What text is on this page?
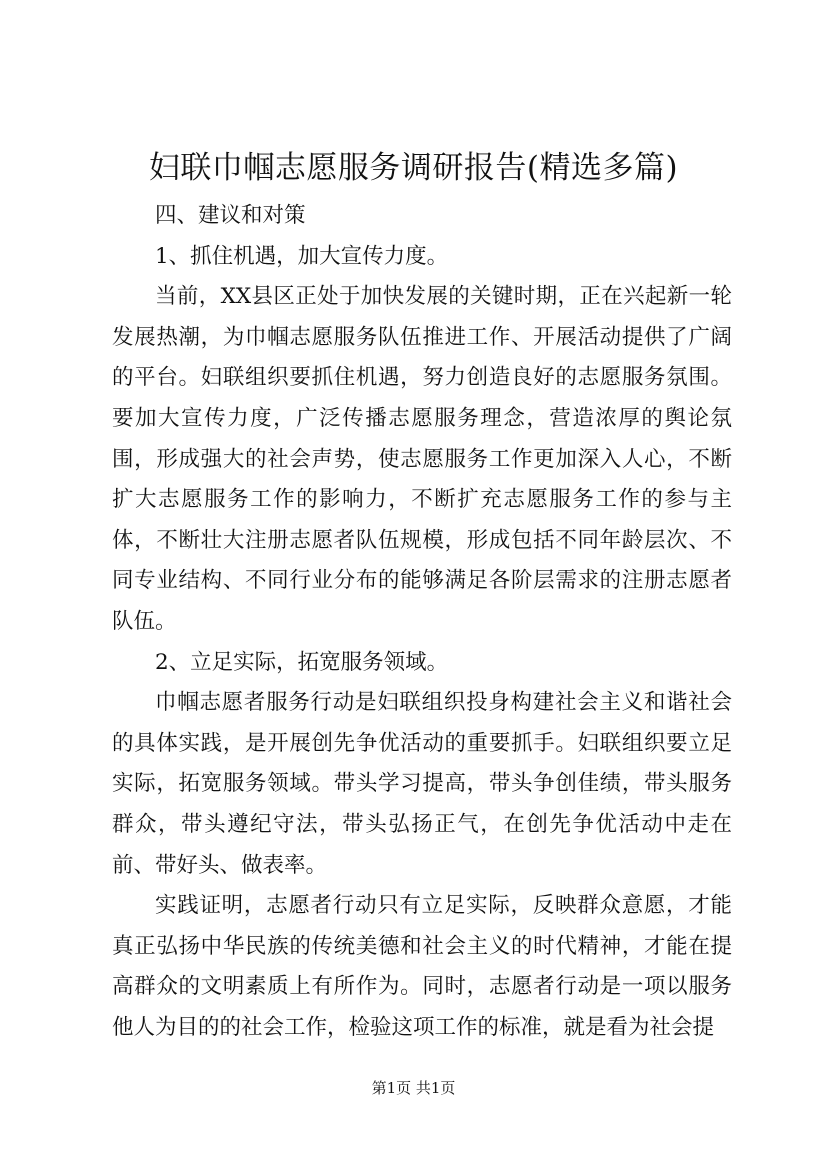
妇联巾帼志愿服务调研报告(精选多篇)

四、建议和对策

1、抓住机遇，加大宣传力度。

当前，XX县区正处于加快发展的关键时期，正在兴起新一轮发展热潮，为巾帼志愿服务队伍推进工作、开展活动提供了广阔的平台。妇联组织要抓住机遇，努力创造良好的志愿服务氛围。要加大宣传力度，广泛传播志愿服务理念，营造浓厚的舆论氛围，形成强大的社会声势，使志愿服务工作更加深入人心，不断扩大志愿服务工作的影响力，不断扩充志愿服务工作的参与主体，不断壮大注册志愿者队伍规模，形成包括不同年龄层次、不同专业结构、不同行业分布的能够满足各阶层需求的注册志愿者队伍。

2、立足实际，拓宽服务领域。

巾帼志愿者服务行动是妇联组织投身构建社会主义和谐社会的具体实践，是开展创先争优活动的重要抓手。妇联组织要立足实际，拓宽服务领域。带头学习提高，带头争创佳绩，带头服务群众，带头遵纪守法，带头弘扬正气，在创先争优活动中走在前、带好头、做表率。

实践证明，志愿者行动只有立足实际，反映群众意愿，才能真正弘扬中华民族的传统美德和社会主义的时代精神，才能在提高群众的文明素质上有所作为。同时，志愿者行动是一项以服务他人为目的的社会工作，检验这项工作的标准，就是看为社会提

第1页 共1页
